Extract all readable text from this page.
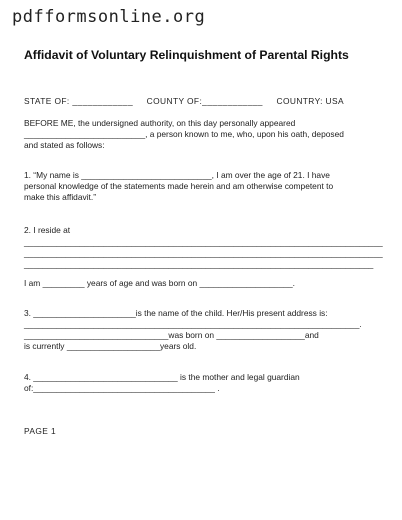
pdfformsonline.org
Affidavit of Voluntary Relinquishment of Parental Rights
STATE OF: ____________     COUNTY OF:____________     COUNTRY: USA
BEFORE ME, the undersigned authority, on this day personally appeared
__________________________, a person known to me, who, upon his oath, deposed
and stated as follows:
1. “My name is ____________________________, I am over the age of 21. I have
personal knowledge of the statements made herein and am otherwise competent to
make this affidavit.”
2. I reside at
_____________________________________________________________________________
_____________________________________________________________________________
___________________________________________________________________________
I am _________ years of age and was born on ____________________.
3. ______________________is the name of the child. Her/His present address is:
________________________________________________________________________.
_______________________________was born on ___________________and
is currently ____________________years old.
4. _______________________________ is the mother and legal guardian
of:_______________________________________ .
PAGE 1
